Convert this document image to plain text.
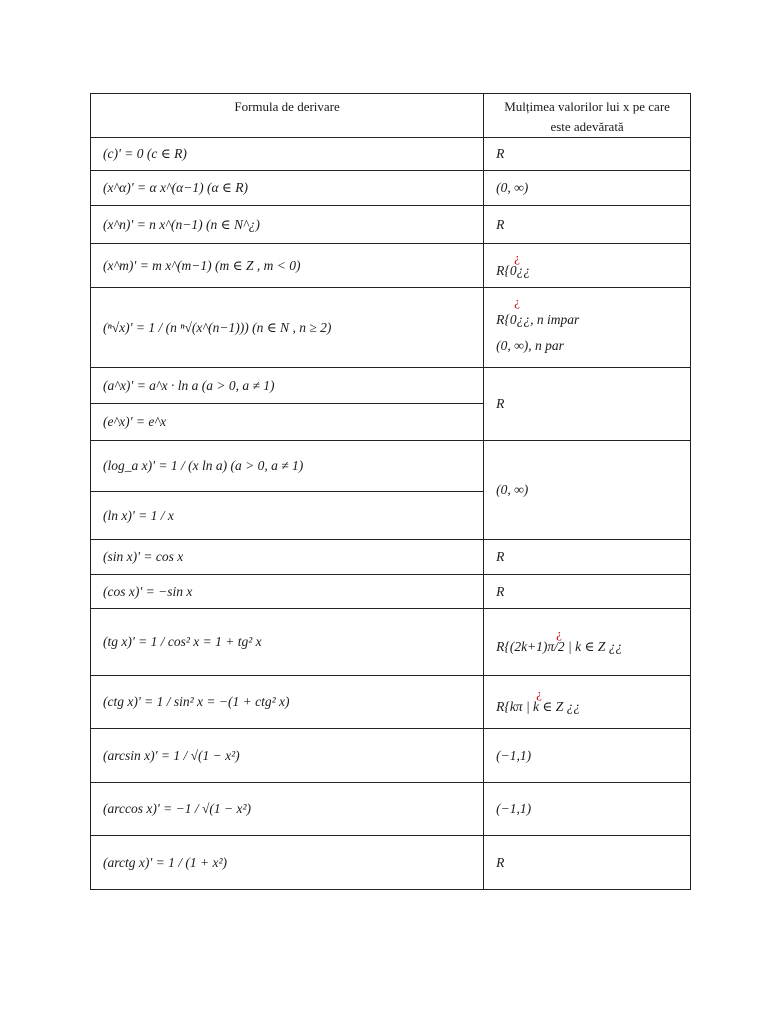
Formula de derivare	Mulțimea valorilor lui x pe care
este adevărată
(c)' = 0 (c ∈ R)	R
(x^α)' = α x^(α−1) (α ∈ R)	(0, ∞)
(x^n)' = n x^(n−1) (n ∈ N^¿)	R
(x^m)' = m x^(m−1) (m ∈ Z , m < 0)	¿
R{0¿¿
(ⁿ√x)' = 1 / (n ⁿ√(x^(n−1))) (n ∈ N , n ≥ 2)	¿
R{0¿¿, n impar
(0, ∞), n par

(a^x)' = a^x · ln a (a > 0, a ≠ 1)	R
(e^x)' = e^x	
(log_a x)' = 1 / (x ln a) (a > 0, a ≠ 1)	(0, ∞)
(ln x)' = 1 / x	
(sin x)' = cos x	R
(cos x)' = −sin x	R
(tg x)' = 1 / cos² x = 1 + tg² x	¿
R{(2k+1)π/2 | k ∈ Z ¿¿
(ctg x)' = 1 / sin² x = −(1 + ctg² x)	¿
R{kπ | k ∈ Z ¿¿
(arcsin x)' = 1 / √(1 − x²)	(−1,1)
(arccos x)' = −1 / √(1 − x²)	(−1,1)
(arctg x)' = 1 / (1 + x²)	R
